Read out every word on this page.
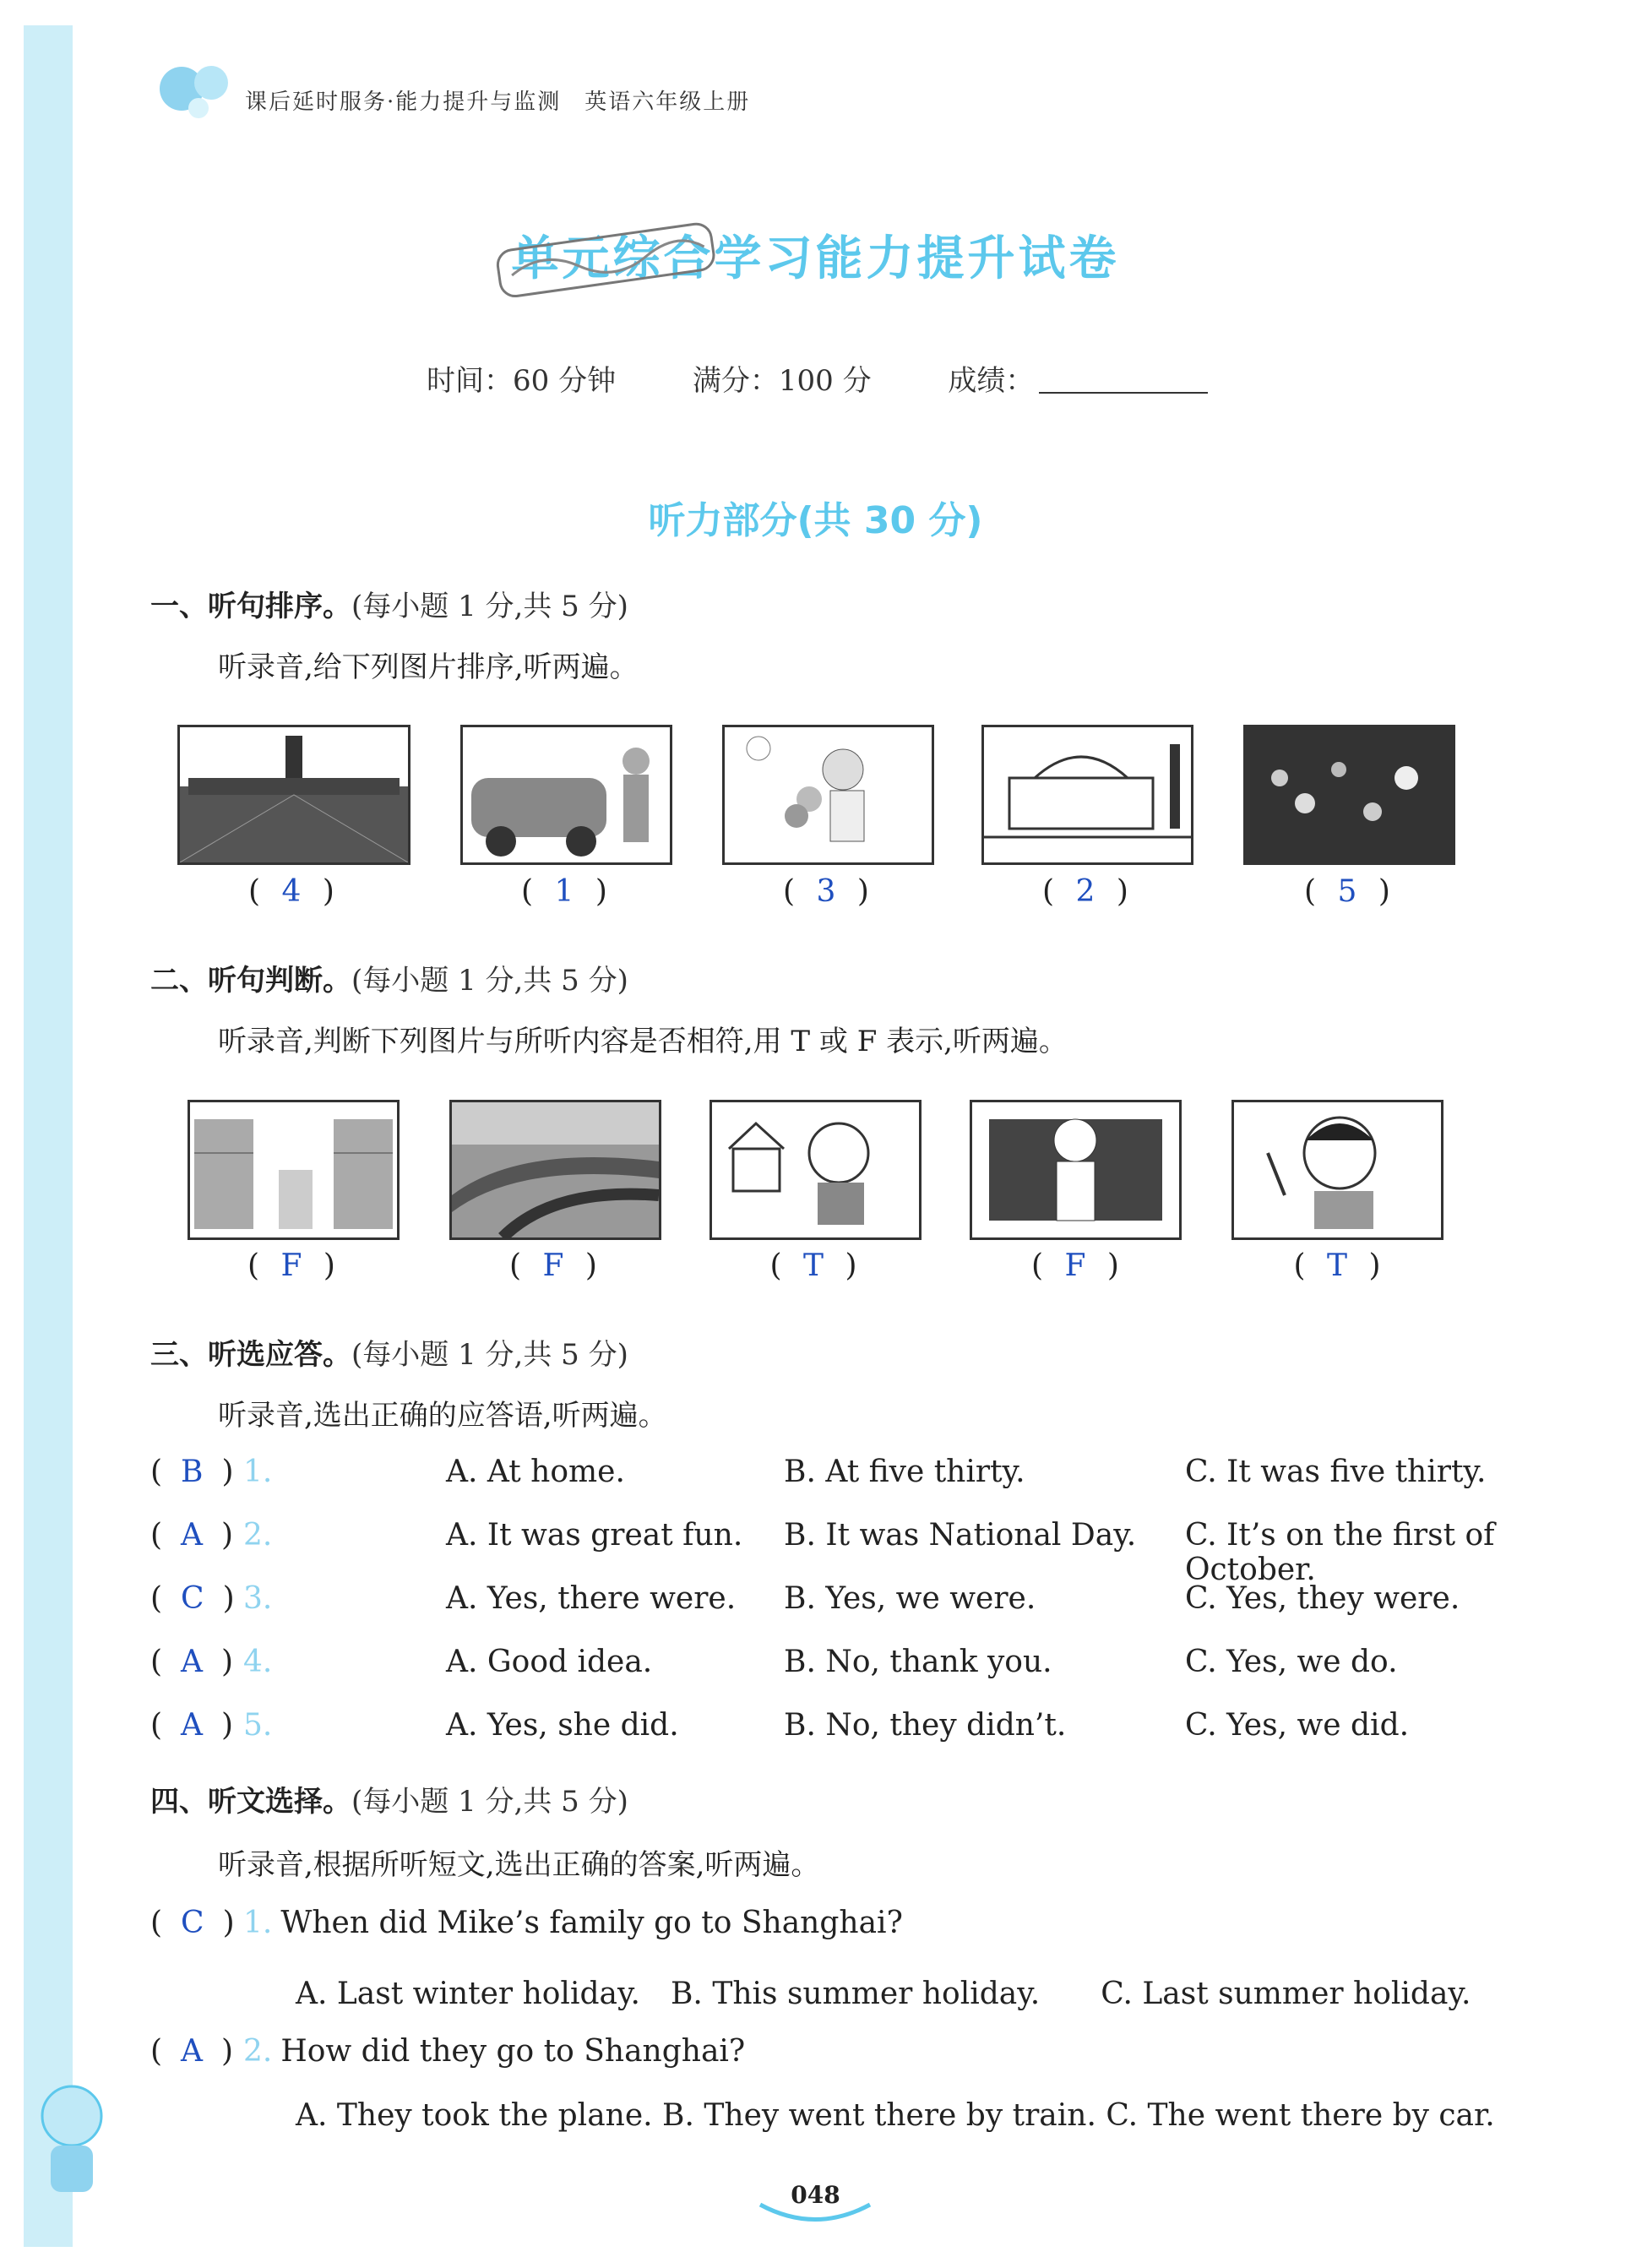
课后延时服务·能力提升与监测　英语六年级上册
单元综合学习能力提升试卷
时间：60 分钟	满分：100 分	成绩：
听力部分(共 30 分)
一、听句排序。(每小题 1 分,共 5 分)
听录音,给下列图片排序,听两遍。
( 4 )	( 1 )	( 3 )	( 2 )	( 5 )
二、听句判断。(每小题 1 分,共 5 分)
听录音,判断下列图片与所听内容是否相符,用 T 或 F 表示,听两遍。
( F )	( F )	( T )	( F )	( T )
三、听选应答。(每小题 1 分,共 5 分)
听录音,选出正确的应答语,听两遍。
( B ) 1.	A. At home.	B. At five thirty.	C. It was five thirty.
( A ) 2.	A. It was great fun. B. It was National Day. C. It’s on the first of October.
( C ) 3.	A. Yes, there were. B. Yes, we were.	C. Yes, they were.
( A ) 4.	A. Good idea.	B. No, thank you.	C. Yes, we do.
( A ) 5.	A. Yes, she did.	B. No, they didn’t.	C. Yes, we did.
四、听文选择。(每小题 1 分,共 5 分)
听录音,根据所听短文,选出正确的答案,听两遍。
( C ) 1. When did Mike’s family go to Shanghai?
A. Last winter holiday.　B. This summer holiday.　　C. Last summer holiday.
( A ) 2. How did they go to Shanghai?
A. They took the plane. B. They went there by train. C. The went there by car.
048
